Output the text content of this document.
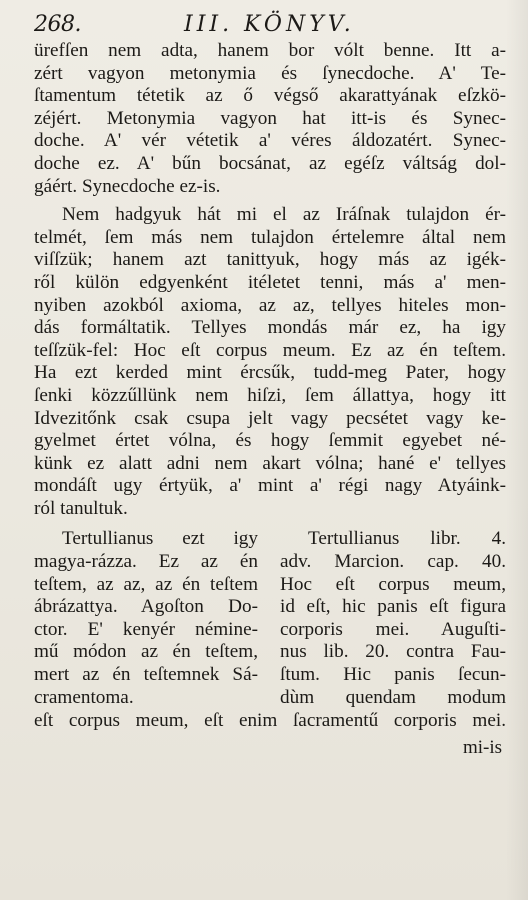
268.	III. KÖNYV.
ürefſen nem adta, hanem bor vólt benne. Itt a-
zért vagyon metonymia és ſynecdoche. A' Te-
ſtamentum tétetik az ő végső akarattyának eſzkö-
zéjért. Metonymia vagyon hat itt-is és Synec-
doche. A' vér vétetik a' véres áldozatért. Synec-
doche ez. A' bűn bocsánat, az egéſz váltság dol-
gáért. Synecdoche ez-is.
Nem hadgyuk hát mi el az Iráſnak tulajdon ér-
telmét, ſem más nem tulajdon értelemre által nem
viſſzük; hanem azt tanittyuk, hogy más az igék-
ről külön edgyenként itéletet tenni, más a' men-
nyiben azokból axioma, az az, tellyes hiteles mon-
dás formáltatik. Tellyes mondás már ez, ha igy
teſſzük-fel: Hoc eſt corpus meum. Ez az én teſtem.
Ha ezt kerded mint ércsűk, tudd-meg Pater, hogy
ſenki közzűllünk nem hiſzi, ſem állattya, hogy itt
Idvezitőnk csak csupa jelt vagy pecsétet vagy ke-
gyelmet értet vólna, és hogy ſemmit egyebet né-
künk ez alatt adni nem akart vólna; hané e' tellyes
mondáſt ugy értyük, a' mint a' régi nagy Atyáink-
ról tanultuk.
Tertullianus ezt igy
magya-rázza. Ez az én
teſtem, az az, az én teſtem
ábrázattya. Agoſton Do-
ctor. E' kenyér némine-
mű módon az én teſtem,
mert az én teſtemnek Sá-
cramentoma.
Tertullianus libr. 4.
adv. Marcion. cap. 40.
Hoc eſt corpus meum,
id eſt, hic panis eſt figura
corporis mei. Auguſti-
nus lib. 20. contra Fau-
ſtum. Hic panis ſecun-
dùm quendam modum
eſt corpus meum, eſt enim ſacramentű corporis mei.
mi-is
